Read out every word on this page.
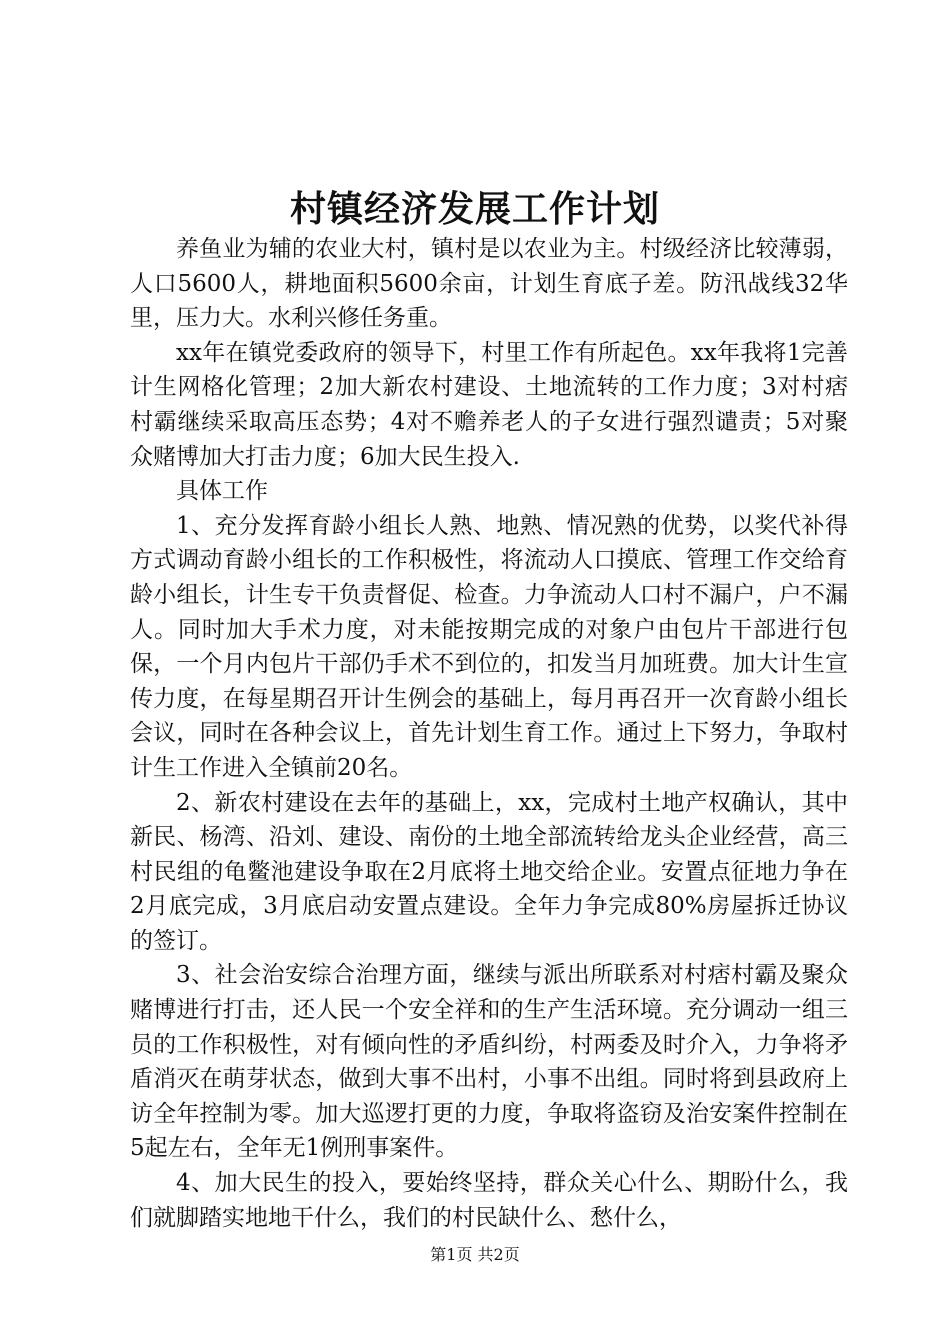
村镇经济发展工作计划

养鱼业为辅的农业大村，镇村是以农业为主。村级经济比较薄弱，人口5600人，耕地面积5600余亩，计划生育底子差。防汛战线32华里，压力大。水利兴修任务重。

xx年在镇党委政府的领导下，村里工作有所起色。xx年我将1完善计生网格化管理；2加大新农村建设、土地流转的工作力度；3对村痞村霸继续采取高压态势；4对不赡养老人的子女进行强烈谴责；5对聚众赌博加大打击力度；6加大民生投入.

具体工作

1、充分发挥育龄小组长人熟、地熟、情况熟的优势，以奖代补得方式调动育龄小组长的工作积极性，将流动人口摸底、管理工作交给育龄小组长，计生专干负责督促、检查。力争流动人口村不漏户，户不漏人。同时加大手术力度，对未能按期完成的对象户由包片干部进行包保，一个月内包片干部仍手术不到位的，扣发当月加班费。加大计生宣传力度，在每星期召开计生例会的基础上，每月再召开一次育龄小组长会议，同时在各种会议上，首先计划生育工作。通过上下努力，争取村计生工作进入全镇前20名。

2、新农村建设在去年的基础上，xx，完成村土地产权确认，其中新民、杨湾、沿刘、建设、南份的土地全部流转给龙头企业经营，高三村民组的龟鳖池建设争取在2月底将土地交给企业。安置点征地力争在2月底完成，3月底启动安置点建设。全年力争完成80%房屋拆迁协议的签订。

3、社会治安综合治理方面，继续与派出所联系对村痞村霸及聚众赌博进行打击，还人民一个安全祥和的生产生活环境。充分调动一组三员的工作积极性，对有倾向性的矛盾纠纷，村两委及时介入，力争将矛盾消灭在萌芽状态，做到大事不出村，小事不出组。同时将到县政府上访全年控制为零。加大巡逻打更的力度，争取将盗窃及治安案件控制在5起左右，全年无1例刑事案件。

4、加大民生的投入，要始终坚持，群众关心什么、期盼什么，我们就脚踏实地地干什么，我们的村民缺什么、愁什么，

第1页 共2页
